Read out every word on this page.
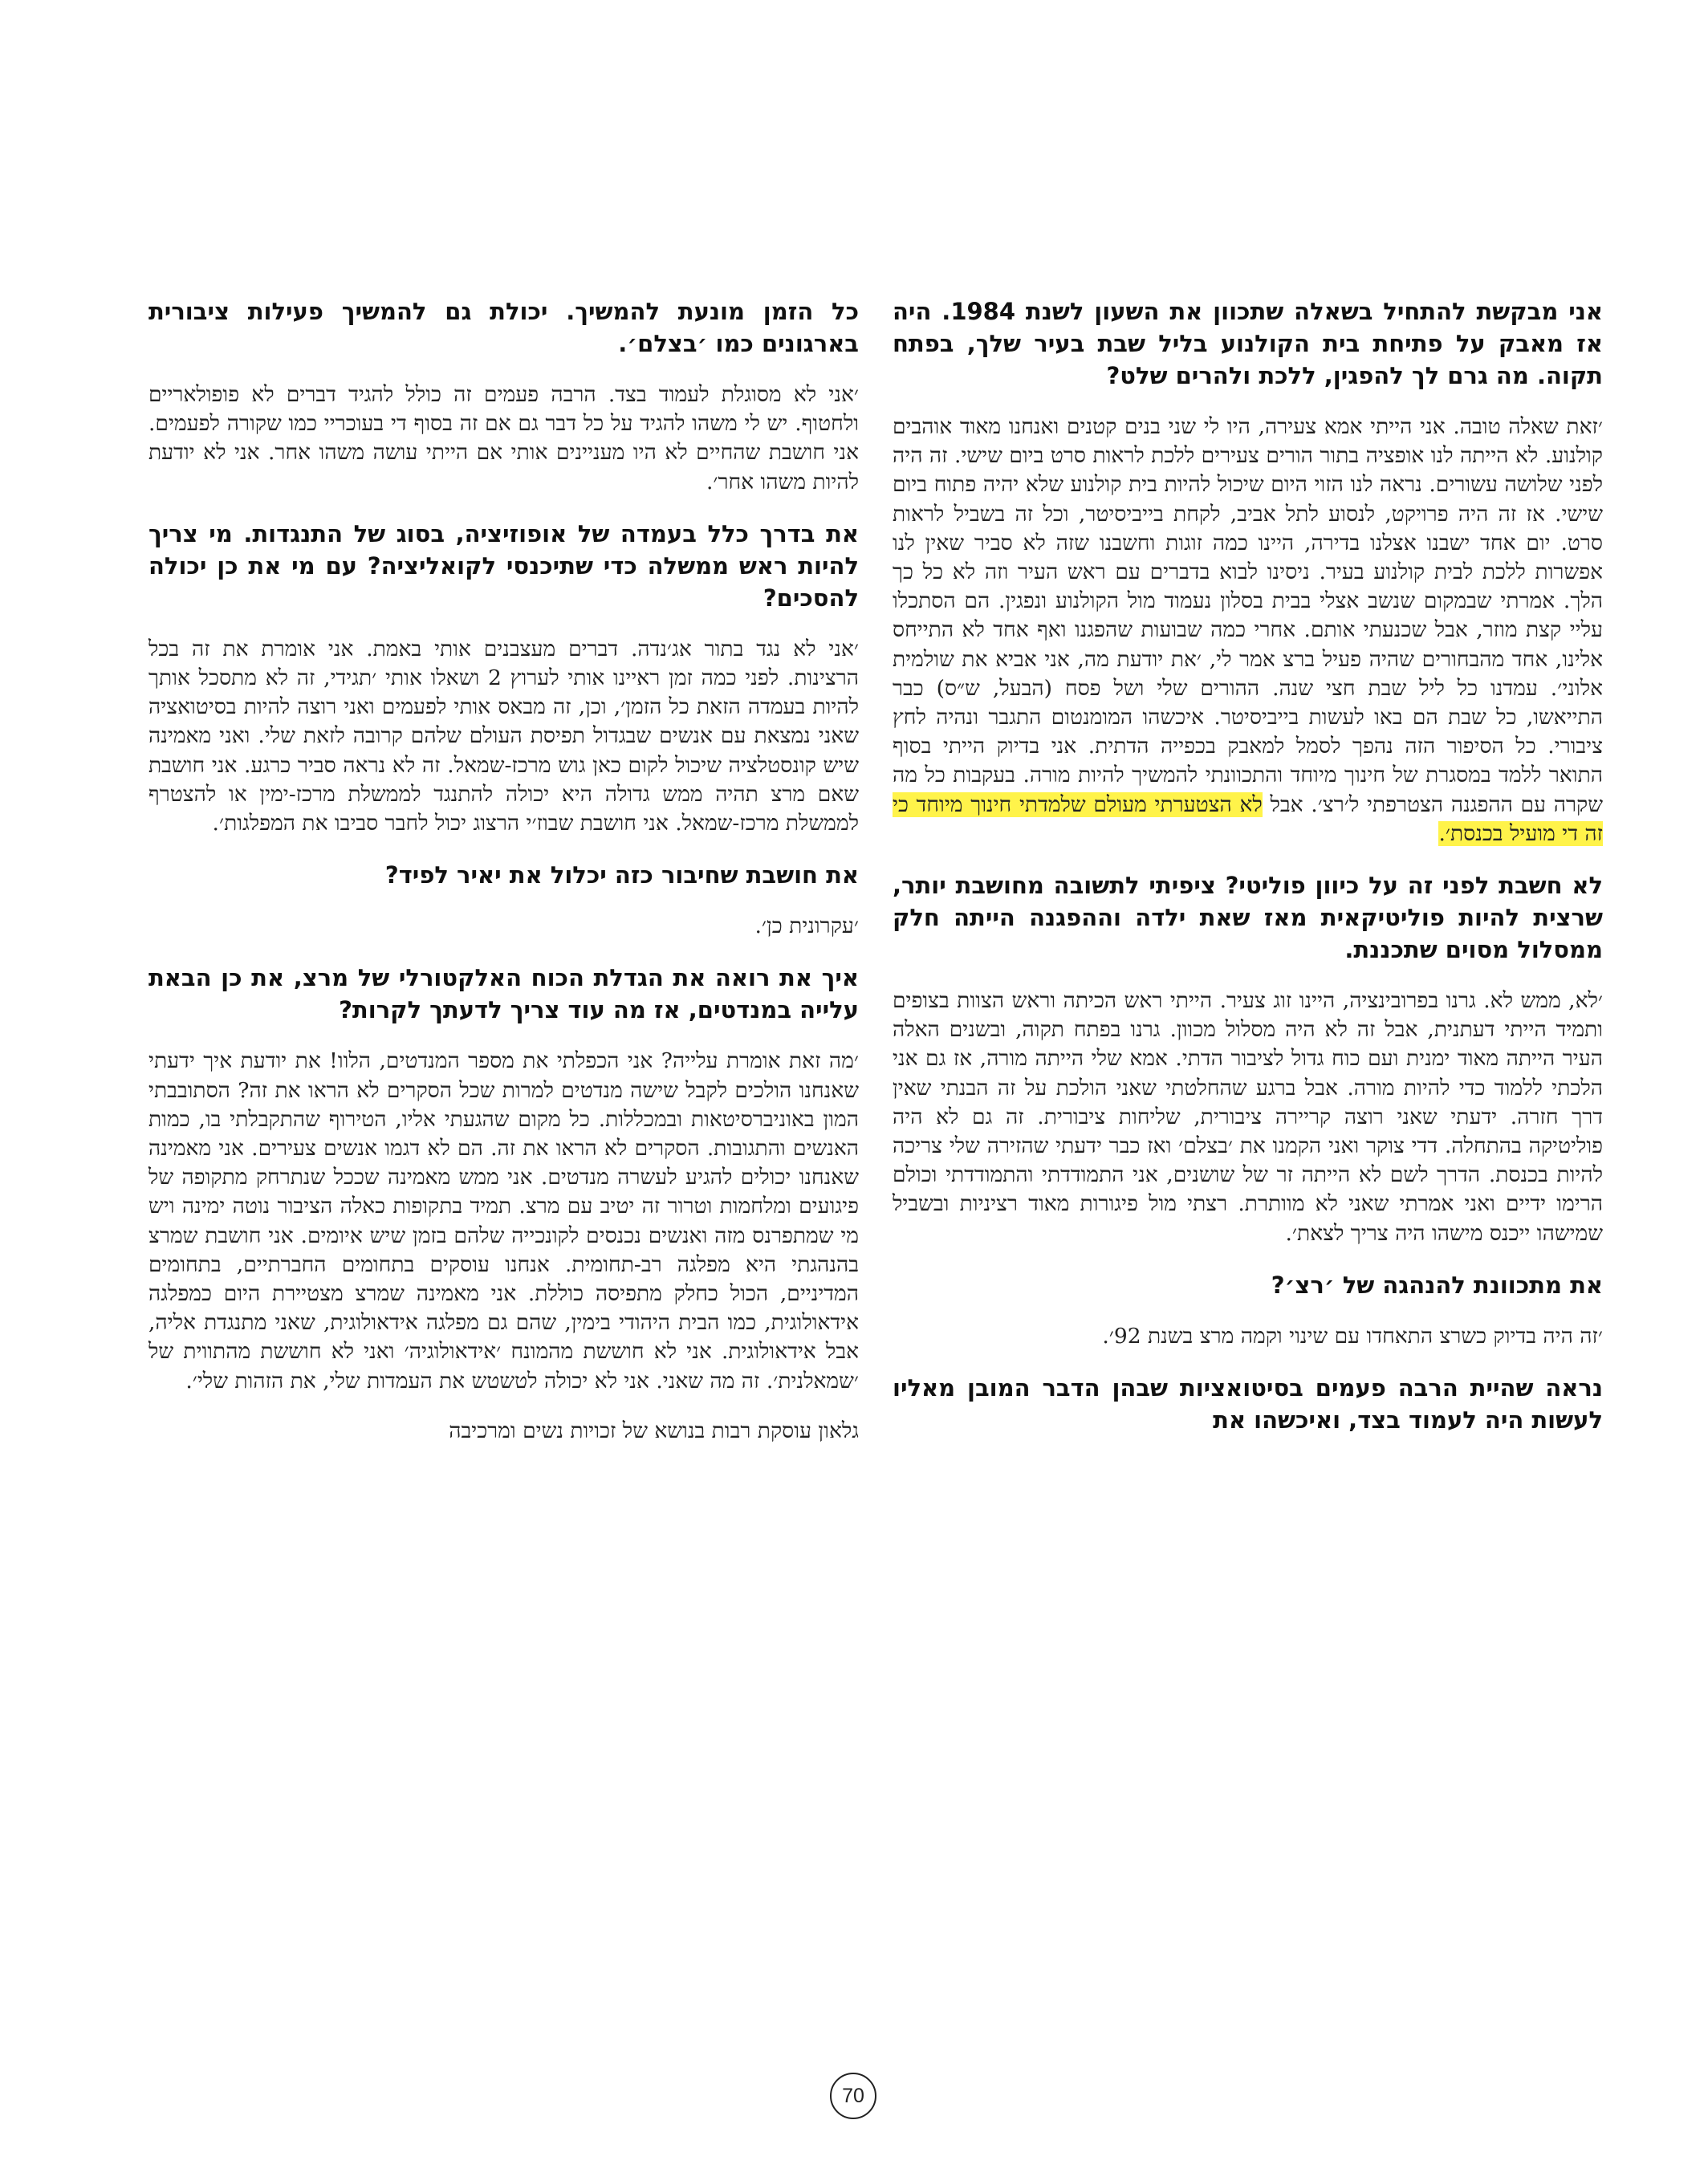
אני מבקשת להתחיל בשאלה שתכוון את השעון לשנת 1984. היה אז מאבק על פתיחת בית הקולנוע בליל שבת בעיר שלך, בפתח תקוה. מה גרם לך להפגין, ללכת ולהרים שלט?

׳זאת שאלה טובה. אני הייתי אמא צעירה, היו לי שני בנים קטנים ואנחנו מאוד אוהבים קולנוע. לא הייתה לנו אופציה בתור הורים צעירים ללכת לראות סרט ביום שישי. זה היה לפני שלושה עשורים. נראה לנו הזוי היום שיכול להיות בית קולנוע שלא יהיה פתוח ביום שישי. אז זה היה פרויקט, לנסוע לתל אביב, לקחת בייביסיטר, וכל זה בשביל לראות סרט. יום אחד ישבנו אצלנו בדירה, היינו כמה זוגות וחשבנו שזה לא סביר שאין לנו אפשרות ללכת לבית קולנוע בעיר. ניסינו לבוא בדברים עם ראש העיר וזה לא כל כך הלך. אמרתי שבמקום שנשב אצלי בבית בסלון נעמוד מול הקולנוע ונפגין. הם הסתכלו עליי קצת מוזר, אבל שכנעתי אותם. אחרי כמה שבועות שהפגנו ואף אחד לא התייחס אלינו, אחד מהבחורים שהיה פעיל ברצ אמר לי, ׳את יודעת מה, אני אביא את שולמית אלוני׳. עמדנו כל ליל שבת חצי שנה. ההורים שלי ושל פסח (הבעל, ש״ס) כבר התייאשו, כל שבת הם באו לעשות בייביסיטר. איכשהו המומנטום התגבר ונהיה לחץ ציבורי. כל הסיפור הזה נהפך לסמל למאבק בכפייה הדתית. אני בדיוק הייתי בסוף התואר ללמד במסגרת של חינוך מיוחד והתכוונתי להמשיך להיות מורה. בעקבות כל מה שקרה עם ההפגנה הצטרפתי ל׳רצ׳. אבל לא הצטערתי מעולם שלמדתי חינוך מיוחד כי זה די מועיל בכנסת׳.

לא חשבת לפני זה על כיוון פוליטי? ציפיתי לתשובה מחושבת יותר, שרצית להיות פוליטיקאית מאז שאת ילדה וההפגנה הייתה חלק ממסלול מסוים שתכננת.

׳לא, ממש לא. גרנו בפרובינציה, היינו זוג צעיר. הייתי ראש הכיתה וראש הצוות בצופים ותמיד הייתי דעתנית, אבל זה לא היה מסלול מכוון. גרנו בפתח תקוה, ובשנים האלה העיר הייתה מאוד ימנית ועם כוח גדול לציבור הדתי. אמא שלי הייתה מורה, אז גם אני הלכתי ללמוד כדי להיות מורה. אבל ברגע שהחלטתי שאני הולכת על זה הבנתי שאין דרך חזרה. ידעתי שאני רוצה קריירה ציבורית, שליחות ציבורית. זה גם לא היה פוליטיקה בהתחלה. דדי צוקר ואני הקמנו את ׳בצלם׳ ואז כבר ידעתי שהזירה שלי צריכה להיות בכנסת. הדרך לשם לא הייתה זר של שושנים, אני התמודדתי והתמודדתי וכולם הרימו ידיים ואני אמרתי שאני לא מוותרת. רצתי מול פיגורות מאוד רציניות ובשביל שמישהו ייכנס מישהו היה צריך לצאת׳.

את מתכוונת להנהגה של ׳רצ׳?

׳זה היה בדיוק כשרצ התאחדו עם שינוי וקמה מרצ בשנת 92׳.

נראה שהיית הרבה פעמים בסיטואציות שבהן הדבר המובן מאליו לעשות היה לעמוד בצד, ואיכשהו את

כל הזמן מונעת להמשיך. יכולת גם להמשיך פעילות ציבורית בארגונים כמו ׳בצלם׳.

׳אני לא מסוגלת לעמוד בצד. הרבה פעמים זה כולל להגיד דברים לא פופולאריים ולחטוף. יש לי משהו להגיד על כל דבר גם אם זה בסוף די בעוכריי כמו שקורה לפעמים. אני חושבת שהחיים לא היו מעניינים אותי אם הייתי עושה משהו אחר. אני לא יודעת להיות משהו אחר׳.

את בדרך כלל בעמדה של אופוזיציה, בסוג של התנגדות. מי צריך להיות ראש ממשלה כדי שתיכנסי לקואליציה? עם מי את כן יכולה להסכים?

׳אני לא נגד בתור אג׳נדה. דברים מעצבנים אותי באמת. אני אומרת את זה בכל הרצינות. לפני כמה זמן ראיינו אותי לערוץ 2 ושאלו אותי ׳תגידי, זה לא מתסכל אותך להיות בעמדה הזאת כל הזמן׳, וכן, זה מבאס אותי לפעמים ואני רוצה להיות בסיטואציה שאני נמצאת עם אנשים שבגדול תפיסת העולם שלהם קרובה לזאת שלי. ואני מאמינה שיש קונסטלציה שיכול לקום כאן גוש מרכז-שמאל. זה לא נראה סביר כרגע. אני חושבת שאם מרצ תהיה ממש גדולה היא יכולה להתנגד לממשלת מרכז-ימין או להצטרף לממשלת מרכז-שמאל. אני חושבת שבוז׳י הרצוג יכול לחבר סביבו את המפלגות׳.

את חושבת שחיבור כזה יכלול את יאיר לפיד?

׳עקרונית כן׳.

איך את רואה את הגדלת הכוח האלקטורלי של מרצ, את כן הבאת עלייה במנדטים, אז מה עוד צריך לדעתך לקרות?

׳מה זאת אומרת עלייה? אני הכפלתי את מספר המנדטים, הלוו! את יודעת איך ידעתי שאנחנו הולכים לקבל שישה מנדטים למרות שכל הסקרים לא הראו את זה? הסתובבתי המון באוניברסיטאות ובמכללות. כל מקום שהגעתי אליו, הטירוף שהתקבלתי בו, כמות האנשים והתגובות. הסקרים לא הראו את זה. הם לא דגמו אנשים צעירים. אני מאמינה שאנחנו יכולים להגיע לעשרה מנדטים. אני ממש מאמינה שככל שנתרחק מתקופה של פיגועים ומלחמות וטרור זה יטיב עם מרצ. תמיד בתקופות כאלה הציבור נוטה ימינה ויש מי שמתפרנס מזה ואנשים נכנסים לקונכייה שלהם בזמן שיש איומים. אני חושבת שמרצ בהנהגתי היא מפלגה רב-תחומית. אנחנו עוסקים בתחומים החברתיים, בתחומים המדיניים, הכול כחלק מתפיסה כוללת. אני מאמינה שמרצ מצטיירת היום כמפלגה אידאולוגית, כמו הבית היהודי בימין, שהם גם מפלגה אידאולוגית, שאני מתנגדת אליה, אבל אידאולוגית. אני לא חוששת מהמונח ׳אידאולוגיה׳ ואני לא חוששת מהתווית של ׳שמאלנית׳. זה מה שאני. אני לא יכולה לטשטש את העמדות שלי, את הזהות שלי׳.

גלאון עוסקת רבות בנושא של זכויות נשים ומרכיבה

70
